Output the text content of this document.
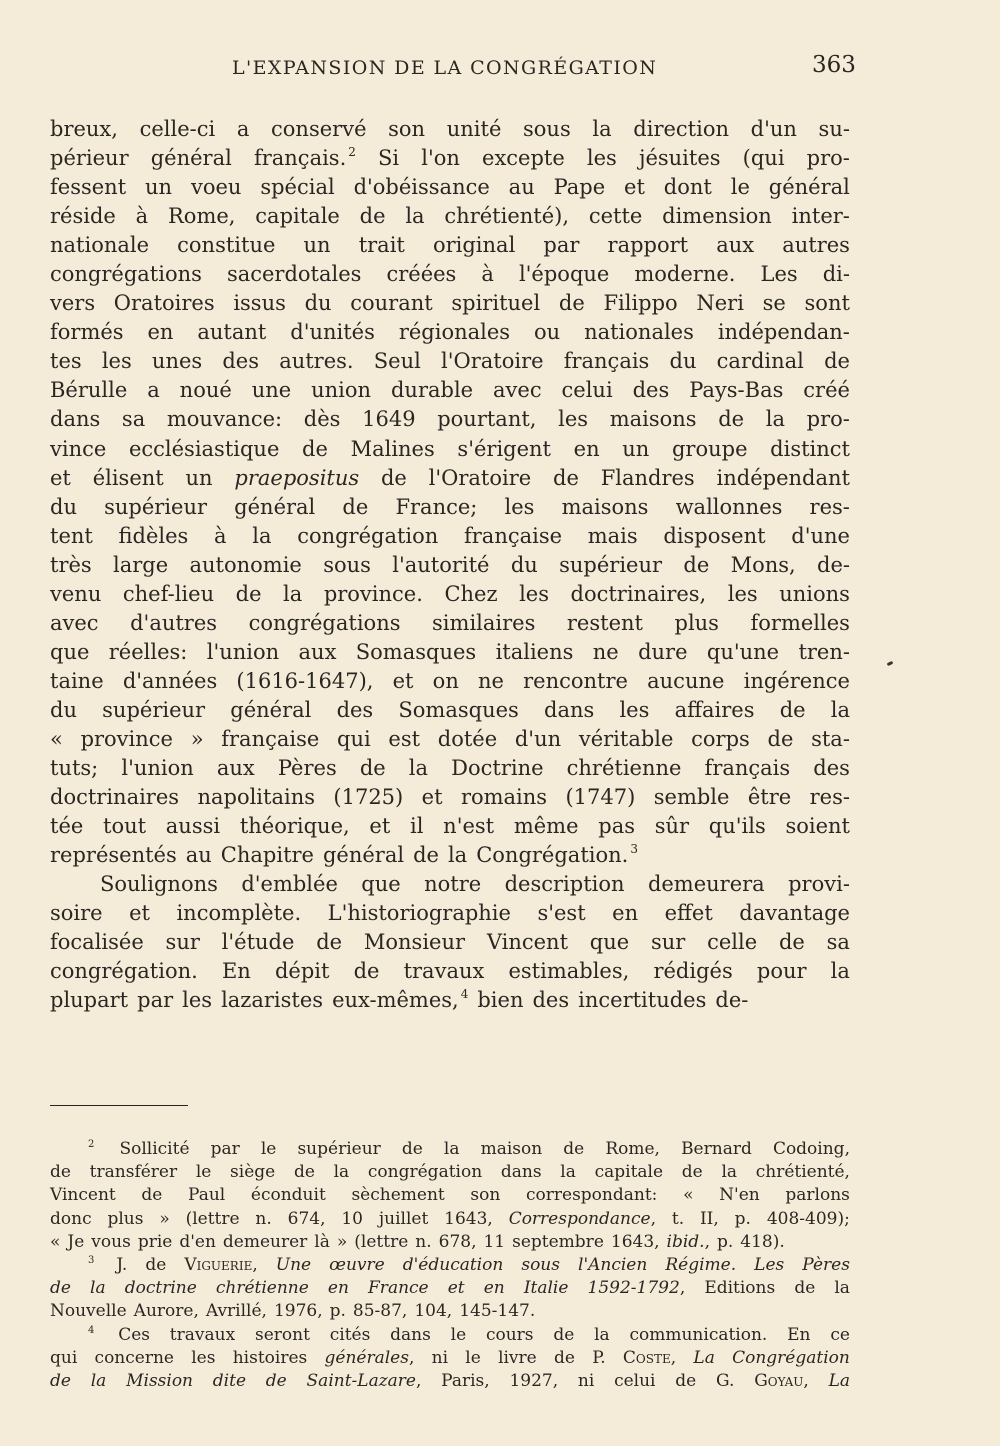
L'EXPANSION DE LA CONGRÉGATION	363
breux, celle-ci a conservé son unité sous la direction d'un su-
périeur général français. $^2$ Si l'on excepte les jésuites (qui pro-
fessent un voeu spécial d'obéissance au Pape et dont le général
réside à Rome, capitale de la chrétienté), cette dimension inter-
nationale constitue un trait original par rapport aux autres
congrégations sacerdotales créées à l'époque moderne. Les di-
vers Oratoires issus du courant spirituel de Filippo Neri se sont
formés en autant d'unités régionales ou nationales indépendan-
tes les unes des autres. Seul l'Oratoire français du cardinal de
Bérulle a noué une union durable avec celui des Pays-Bas créé
dans sa mouvance: dès 1649 pourtant, les maisons de la pro-
vince ecclésiastique de Malines s'érigent en un groupe distinct
et élisent un praepositus de l'Oratoire de Flandres indépendant
du supérieur général de France; les maisons wallonnes res-
tent fidèles à la congrégation française mais disposent d'une
très large autonomie sous l'autorité du supérieur de Mons, de-
venu chef-lieu de la province. Chez les doctrinaires, les unions
avec d'autres congrégations similaires restent plus formelles
que réelles: l'union aux Somasques italiens ne dure qu'une tren-
taine d'années (1616-1647), et on ne rencontre aucune ingérence
du supérieur général des Somasques dans les affaires de la
« province » française qui est dotée d'un véritable corps de sta-
tuts; l'union aux Pères de la Doctrine chrétienne français des
doctrinaires napolitains (1725) et romains (1747) semble être res-
tée tout aussi théorique, et il n'est même pas sûr qu'ils soient
représentés au Chapitre général de la Congrégation. $^3$
Soulignons d'emblée que notre description demeurera provi-
soire et incomplète. L'historiographie s'est en effet davantage
focalisée sur l'étude de Monsieur Vincent que sur celle de sa
congrégation. En dépit de travaux estimables, rédigés pour la
plupart par les lazaristes eux-mêmes, $^4$ bien des incertitudes de-
$^2$ Sollicité par le supérieur de la maison de Rome, Bernard Codoing,
de transférer le siège de la congrégation dans la capitale de la chrétienté,
Vincent de Paul éconduit sèchement son correspondant: « N'en parlons
donc plus » (lettre n. 674, 10 juillet 1643, Correspondance, t. II, p. 408-409);
« Je vous prie d'en demeurer là » (lettre n. 678, 11 septembre 1643, ibid., p. 418).
$^3$ J. de Viguerie, Une œuvre d'éducation sous l'Ancien Régime. Les Pères
de la doctrine chrétienne en France et en Italie 1592-1792, Editions de la
Nouvelle Aurore, Avrillé, 1976, p. 85-87, 104, 145-147.
$^4$ Ces travaux seront cités dans le cours de la communication. En ce
qui concerne les histoires générales, ni le livre de P. Coste, La Congrégation
de la Mission dite de Saint-Lazare, Paris, 1927, ni celui de G. Goyau, La
